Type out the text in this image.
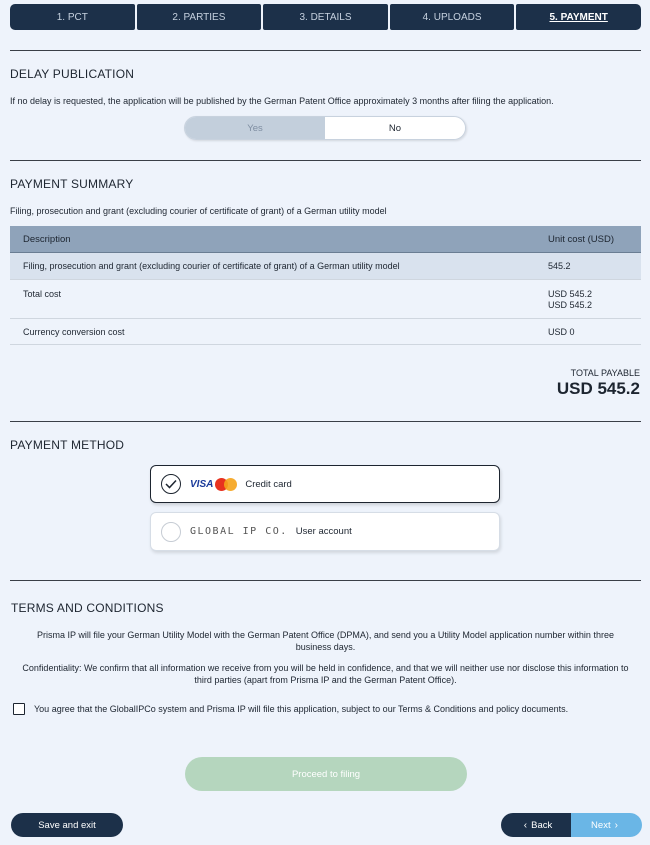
1. PCT	2. PARTIES	3. DETAILS	4. UPLOADS	5. PAYMENT
DELAY PUBLICATION
If no delay is requested, the application will be published by the German Patent Office approximately 3 months after filing the application.
Yes	No
PAYMENT SUMMARY
Filing, prosecution and grant (excluding courier of certificate of grant) of a German utility model
Description	Unit cost (USD)
Filing, prosecution and grant (excluding courier of certificate of grant) of a German utility model	545.2
Total cost	USD 545.2
USD 545.2
Currency conversion cost	USD 0
TOTAL PAYABLE
USD 545.2
PAYMENT METHOD
VISA	Credit card
GLOBAL IP CO. User account
TERMS AND CONDITIONS
Prisma IP will file your German Utility Model with the German Patent Office (DPMA), and send you a Utility Model application number within three business days.
Confidentiality: We confirm that all information we receive from you will be held in confidence, and that we will neither use nor disclose this information to third parties (apart from Prisma IP and the German Patent Office).
You agree that the GlobalIPCo system and Prisma IP will file this application, subject to our Terms & Conditions and policy documents.
Proceed to filing
Save and exit	‹ Back	Next ›
